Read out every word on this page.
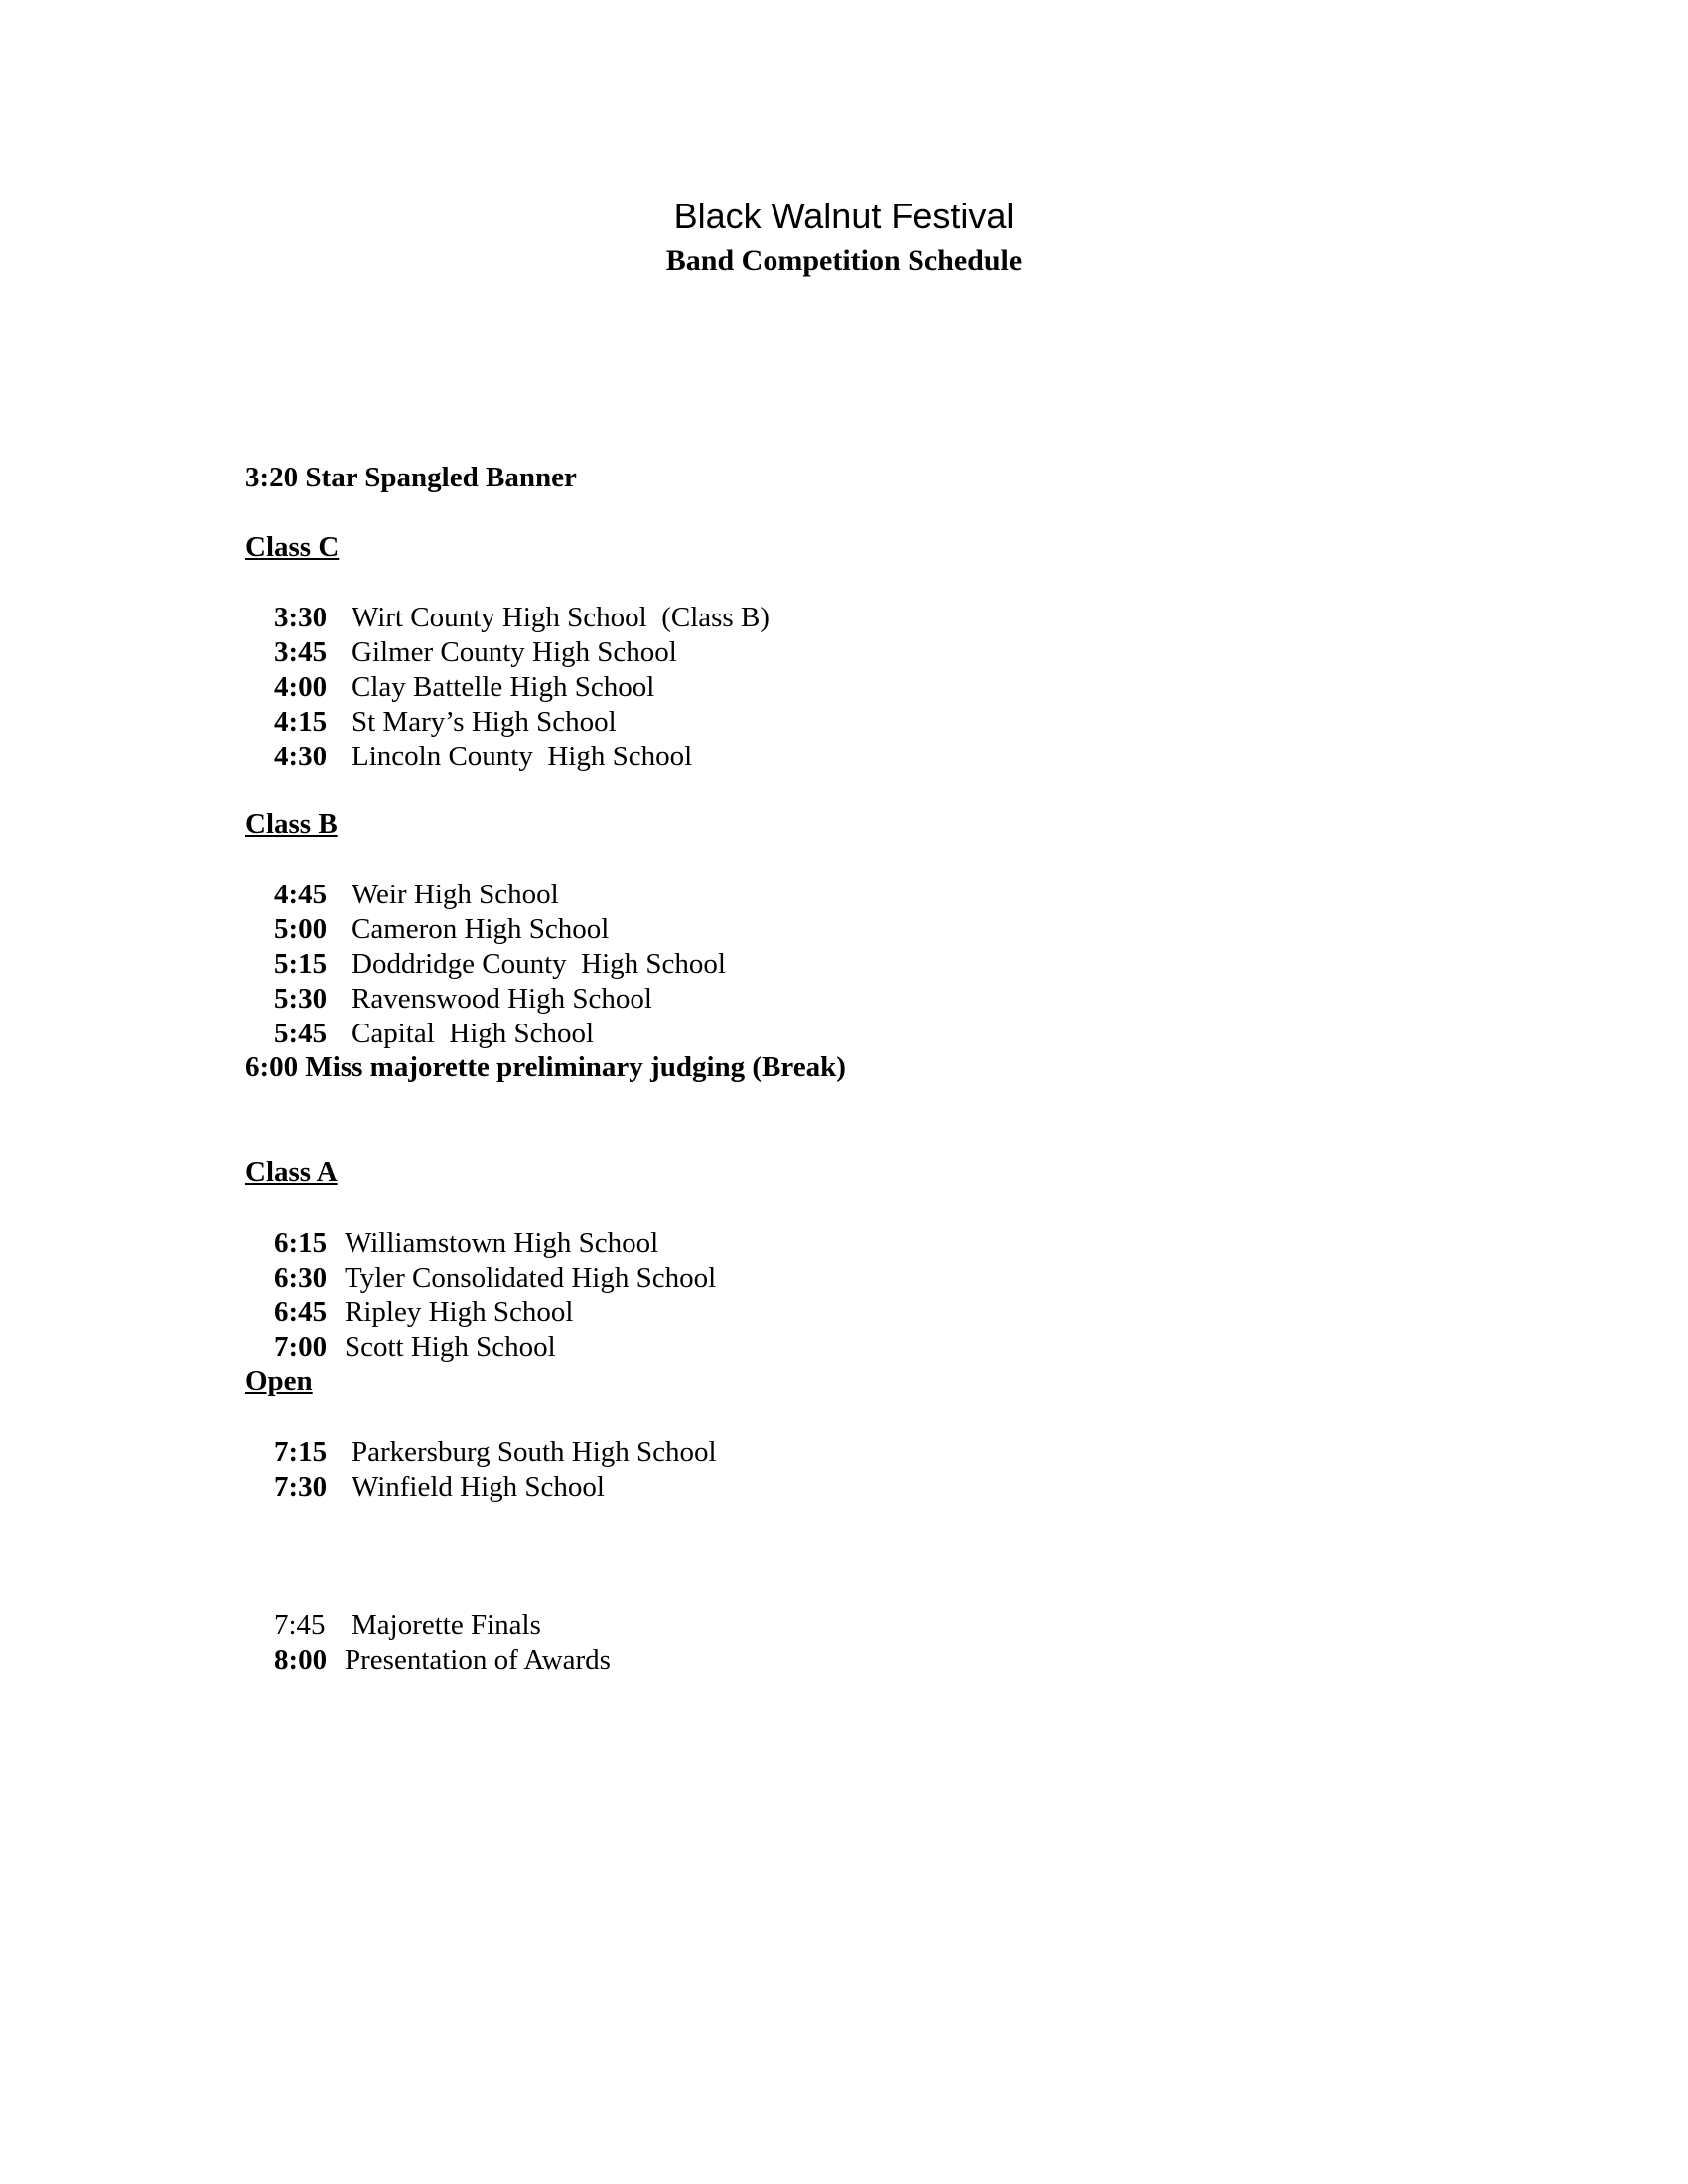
Black Walnut Festival
Band Competition Schedule
3:20 Star Spangled Banner
Class C

3:30 Wirt County High School  (Class B)

3:45 Gilmer County High School

4:00 Clay Battelle High School

4:15 St Mary’s High School

4:30 Lincoln County  High School

Class B

4:45 Weir High School

5:00 Cameron High School

5:15 Doddridge County  High School

5:30 Ravenswood High School

5:45 Capital  High School

6:00 Miss majorette preliminary judging (Break)
Class A

6:15 Williamstown High School

6:30 Tyler Consolidated High School

6:45 Ripley High School

7:00 Scott High School

Open

7:15 Parkersburg South High School

7:30 Winfield High School

7:45 Majorette Finals

8:00 Presentation of Awards
